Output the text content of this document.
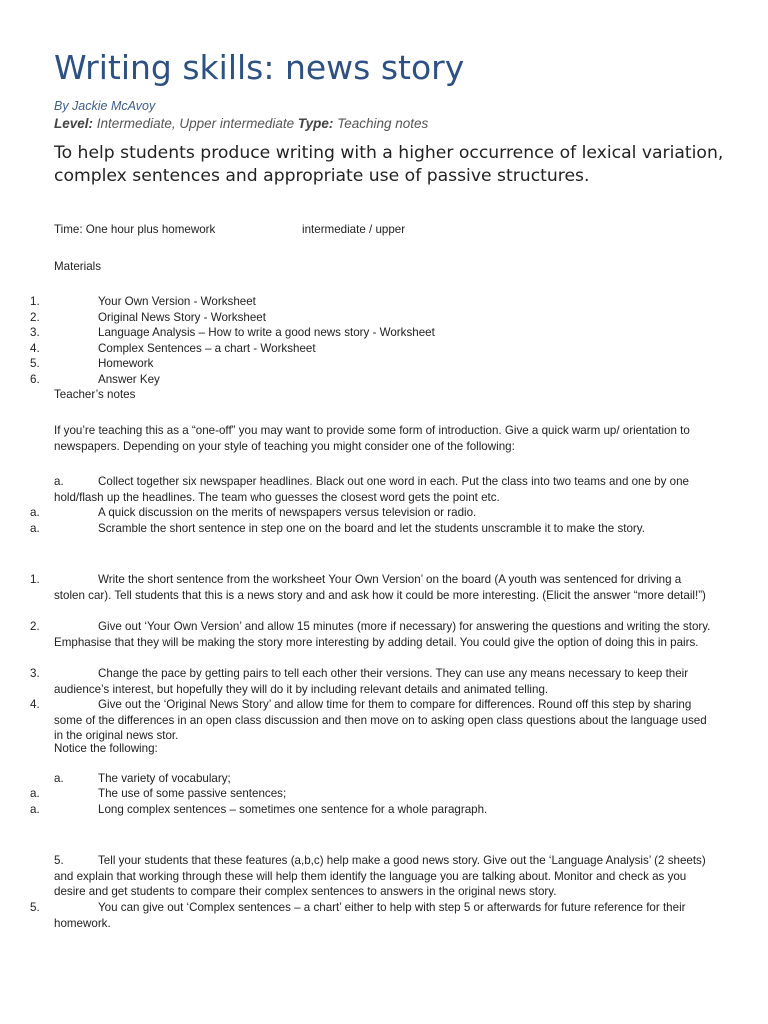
Writing skills: news story
By Jackie McAvoy
Level: Intermediate, Upper intermediate Type: Teaching notes

To help students produce writing with a higher occurrence of lexical variation, complex sentences and appropriate use of passive structures.

Time: One hour plus homework	intermediate / upper
Materials
1.	Your Own Version - Worksheet
2.	Original News Story - Worksheet
3.	Language Analysis – How to write a good news story - Worksheet
4.	Complex Sentences – a chart - Worksheet
5.	Homework
6.	Answer Key
Teacher’s notes
If you’re teaching this as a “one-off” you may want to provide some form of introduction. Give a quick warm up/ orientation to newspapers. Depending on your style of teaching you might consider one of the following:
a.	Collect together six newspaper headlines. Black out one word in each. Put the class into two teams and one by one hold/flash up the headlines. The team who guesses the closest word gets the point etc.
a.	A quick discussion on the merits of newspapers versus television or radio.
a.	Scramble the short sentence in step one on the board and let the students unscramble it to make the story.
1.	Write the short sentence from the worksheet Your Own Version’ on the board (A youth was sentenced for driving a stolen car). Tell students that this is a news story and and ask how it could be more interesting. (Elicit the answer “more detail!”)
2.	Give out ‘Your Own Version’ and allow 15 minutes (more if necessary) for answering the questions and writing the story. Emphasise that they will be making the story more interesting by adding detail. You could give the option of doing this in pairs.
3.	Change the pace by getting pairs to tell each other their versions. They can use any means necessary to keep their audience’s interest, but hopefully they will do it by including relevant details and animated telling.
4.	Give out the ‘Original News Story’ and allow time for them to compare for differences. Round off this step by sharing some of the differences in an open class discussion and then move on to asking open class questions about the language used in the original news stor.
Notice the following:
a.	The variety of vocabulary;
a.	The use of some passive sentences;
a.	Long complex sentences – sometimes one sentence for a whole paragraph.
5.	Tell your students that these features (a,b,c) help make a good news story. Give out the ‘Language Analysis’ (2 sheets) and explain that working through these will help them identify the language you are talking about. Monitor and check as you desire and get students to compare their complex sentences to answers in the original news story.
5.	You can give out ‘Complex sentences – a chart’ either to help with step 5 or afterwards for future reference for their homework.
